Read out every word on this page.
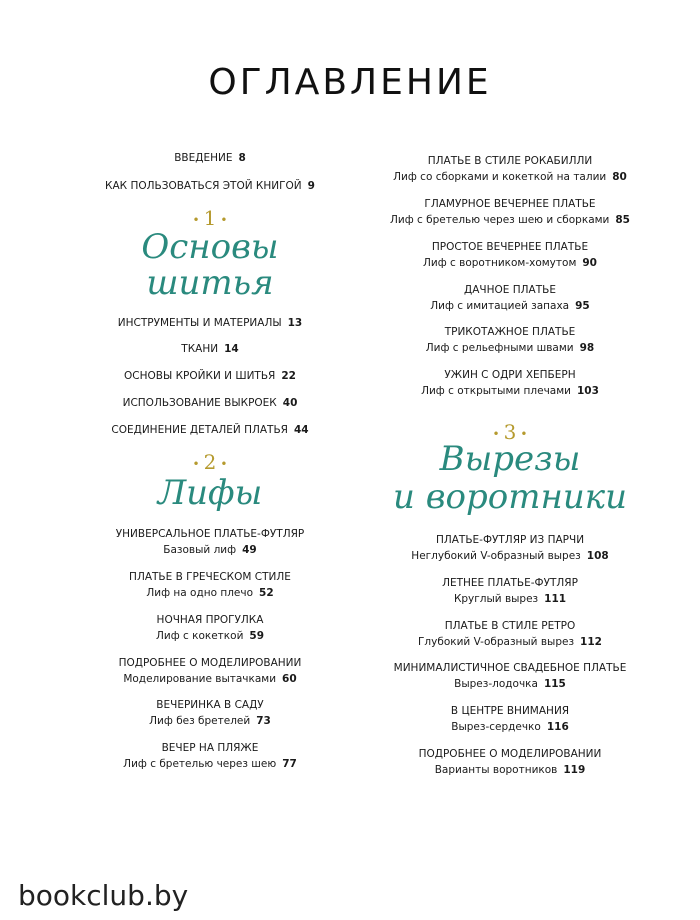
ОГЛАВЛЕНИЕ
ВВЕДЕНИЕ 8
КАК ПОЛЬЗОВАТЬСЯ ЭТОЙ КНИГОЙ 9
• 1 •
Основы
шитья
ИНСТРУМЕНТЫ И МАТЕРИАЛЫ 13
ТКАНИ 14
ОСНОВЫ КРОЙКИ И ШИТЬЯ 22
ИСПОЛЬЗОВАНИЕ ВЫКРОЕК 40
СОЕДИНЕНИЕ ДЕТАЛЕЙ ПЛАТЬЯ 44
• 2 •
Лифы
УНИВЕРСАЛЬНОЕ ПЛАТЬЕ-ФУТЛЯР
Базовый лиф 49
ПЛАТЬЕ В ГРЕЧЕСКОМ СТИЛЕ
Лиф на одно плечо 52
НОЧНАЯ ПРОГУЛКА
Лиф с кокеткой 59
ПОДРОБНЕЕ О МОДЕЛИРОВАНИИ
Моделирование вытачками 60
ВЕЧЕРИНКА В САДУ
Лиф без бретелей 73
ВЕЧЕР НА ПЛЯЖЕ
Лиф с бретелью через шею 77
ПЛАТЬЕ В СТИЛЕ РОКАБИЛЛИ
Лиф со сборками и кокеткой на талии 80
ГЛАМУРНОЕ ВЕЧЕРНЕЕ ПЛАТЬЕ
Лиф с бретелью через шею и сборками 85
ПРОСТОЕ ВЕЧЕРНЕЕ ПЛАТЬЕ
Лиф с воротником-хомутом 90
ДАЧНОЕ ПЛАТЬЕ
Лиф с имитацией запаха 95
ТРИКОТАЖНОЕ ПЛАТЬЕ
Лиф с рельефными швами 98
УЖИН С ОДРИ ХЕПБЕРН
Лиф с открытыми плечами 103
• 3 •
Вырезы
и воротники
ПЛАТЬЕ-ФУТЛЯР ИЗ ПАРЧИ
Неглубокий V-образный вырез 108
ЛЕТНЕЕ ПЛАТЬЕ-ФУТЛЯР
Круглый вырез 111
ПЛАТЬЕ В СТИЛЕ РЕТРО
Глубокий V-образный вырез 112
МИНИМАЛИСТИЧНОЕ СВАДЕБНОЕ ПЛАТЬЕ
Вырез-лодочка 115
В ЦЕНТРЕ ВНИМАНИЯ
Вырез-сердечко 116
ПОДРОБНЕЕ О МОДЕЛИРОВАНИИ
Варианты воротников 119
bookclub.by
